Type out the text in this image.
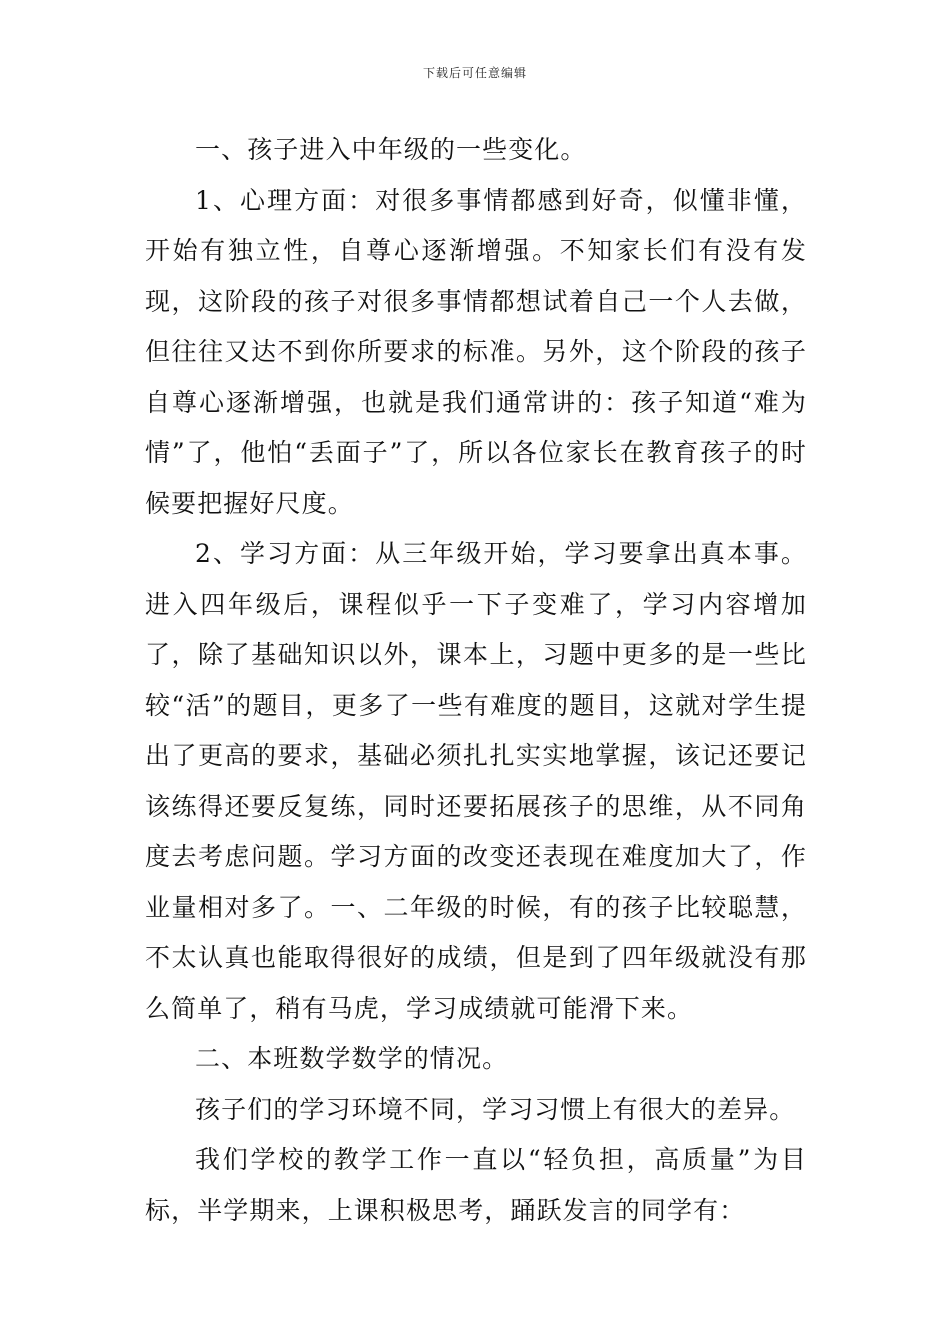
下载后可任意编辑

一、孩子进入中年级的一些变化。

1、心理方面：对很多事情都感到好奇，似懂非懂，开始有独立性，自尊心逐渐增强。不知家长们有没有发现，这阶段的孩子对很多事情都想试着自己一个人去做，但往往又达不到你所要求的标准。另外，这个阶段的孩子自尊心逐渐增强，也就是我们通常讲的：孩子知道“难为情”了，他怕“丢面子”了，所以各位家长在教育孩子的时候要把握好尺度。

2、学习方面：从三年级开始，学习要拿出真本事。进入四年级后，课程似乎一下子变难了，学习内容增加了，除了基础知识以外，课本上，习题中更多的是一些比较“活”的题目，更多了一些有难度的题目，这就对学生提出了更高的要求，基础必须扎扎实实地掌握，该记还要记该练得还要反复练，同时还要拓展孩子的思维，从不同角度去考虑问题。学习方面的改变还表现在难度加大了，作业量相对多了。一、二年级的时候，有的孩子比较聪慧，不太认真也能取得很好的成绩，但是到了四年级就没有那么简单了，稍有马虎，学习成绩就可能滑下来。

二、本班数学数学的情况。

孩子们的学习环境不同，学习习惯上有很大的差异。

我们学校的教学工作一直以“轻负担，高质量”为目标，半学期来，上课积极思考，踊跃发言的同学有：
